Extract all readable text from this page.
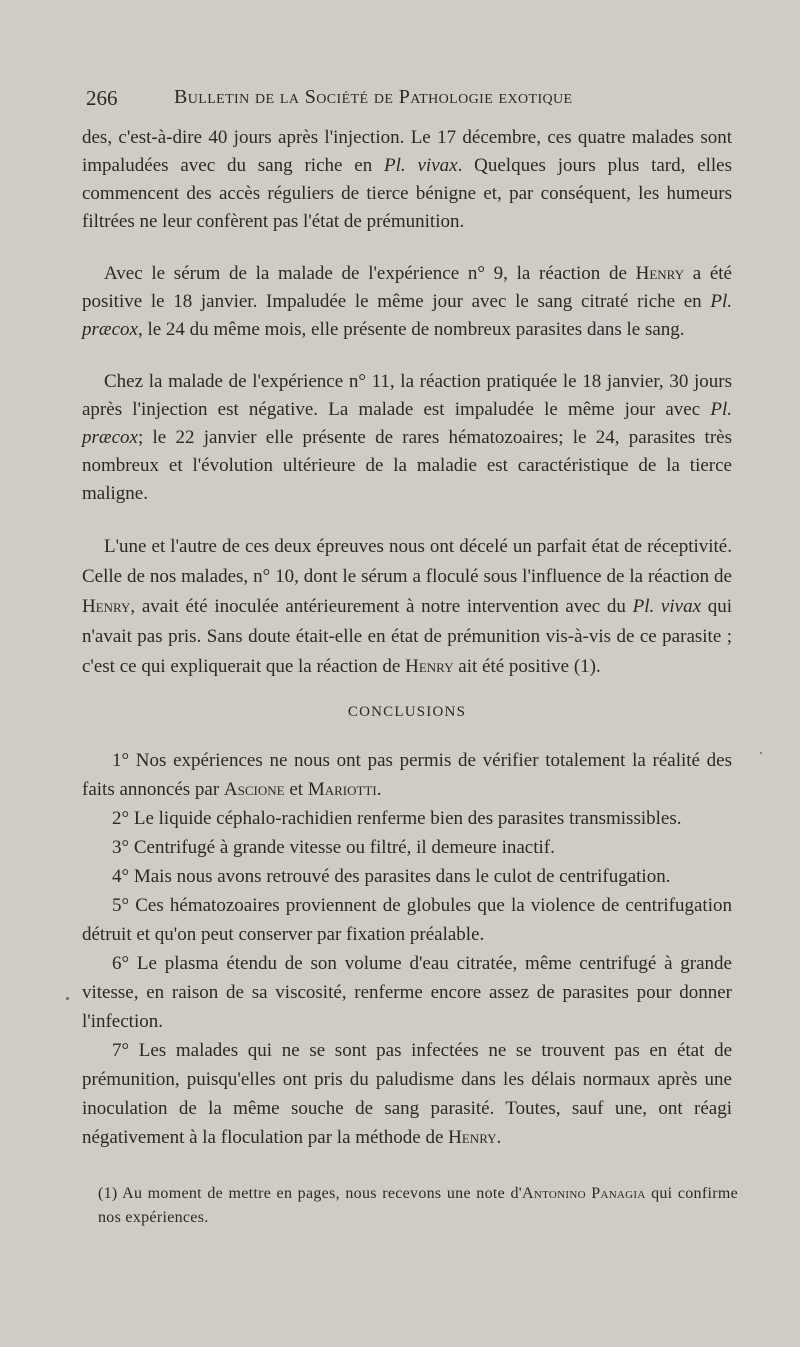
266	Bulletin de la Société de Pathologie exotique

des, c'est-à-dire 40 jours après l'injection. Le 17 décembre, ces quatre malades sont impaludées avec du sang riche en Pl. vivax. Quelques jours plus tard, elles commencent des accès réguliers de tierce bénigne et, par conséquent, les humeurs filtrées ne leur confèrent pas l'état de prémunition.

Avec le sérum de la malade de l'expérience n° 9, la réaction de Henry a été positive le 18 janvier. Impaludée le même jour avec le sang citraté riche en Pl. præcox, le 24 du même mois, elle présente de nombreux parasites dans le sang.

Chez la malade de l'expérience n° 11, la réaction pratiquée le 18 janvier, 30 jours après l'injection est négative. La malade est impaludée le même jour avec Pl. præcox; le 22 janvier elle présente de rares hématozoaires; le 24, parasites très nombreux et l'évolution ultérieure de la maladie est caractéristique de la tierce maligne.

L'une et l'autre de ces deux épreuves nous ont décelé un parfait état de réceptivité. Celle de nos malades, n° 10, dont le sérum a floculé sous l'influence de la réaction de Henry, avait été inoculée antérieurement à notre intervention avec du Pl. vivax qui n'avait pas pris. Sans doute était-elle en état de prémunition vis-à-vis de ce parasite ; c'est ce qui expliquerait que la réaction de Henry ait été positive (1).

CONCLUSIONS
1° Nos expériences ne nous ont pas permis de vérifier totalement la réalité des faits annoncés par Ascione et Mariotti.
2° Le liquide céphalo-rachidien renferme bien des parasites transmissibles.
3° Centrifugé à grande vitesse ou filtré, il demeure inactif.
4° Mais nous avons retrouvé des parasites dans le culot de centrifugation.
5° Ces hématozoaires proviennent de globules que la violence de centrifugation détruit et qu'on peut conserver par fixation préalable.
6° Le plasma étendu de son volume d'eau citratée, même centrifugé à grande vitesse, en raison de sa viscosité, renferme encore assez de parasites pour donner l'infection.
7° Les malades qui ne se sont pas infectées ne se trouvent pas en état de prémunition, puisqu'elles ont pris du paludisme dans les délais normaux après une inoculation de la même souche de sang parasité. Toutes, sauf une, ont réagi négativement à la floculation par la méthode de Henry.

(1) Au moment de mettre en pages, nous recevons une note d'Antonino Panagia qui confirme nos expériences.
